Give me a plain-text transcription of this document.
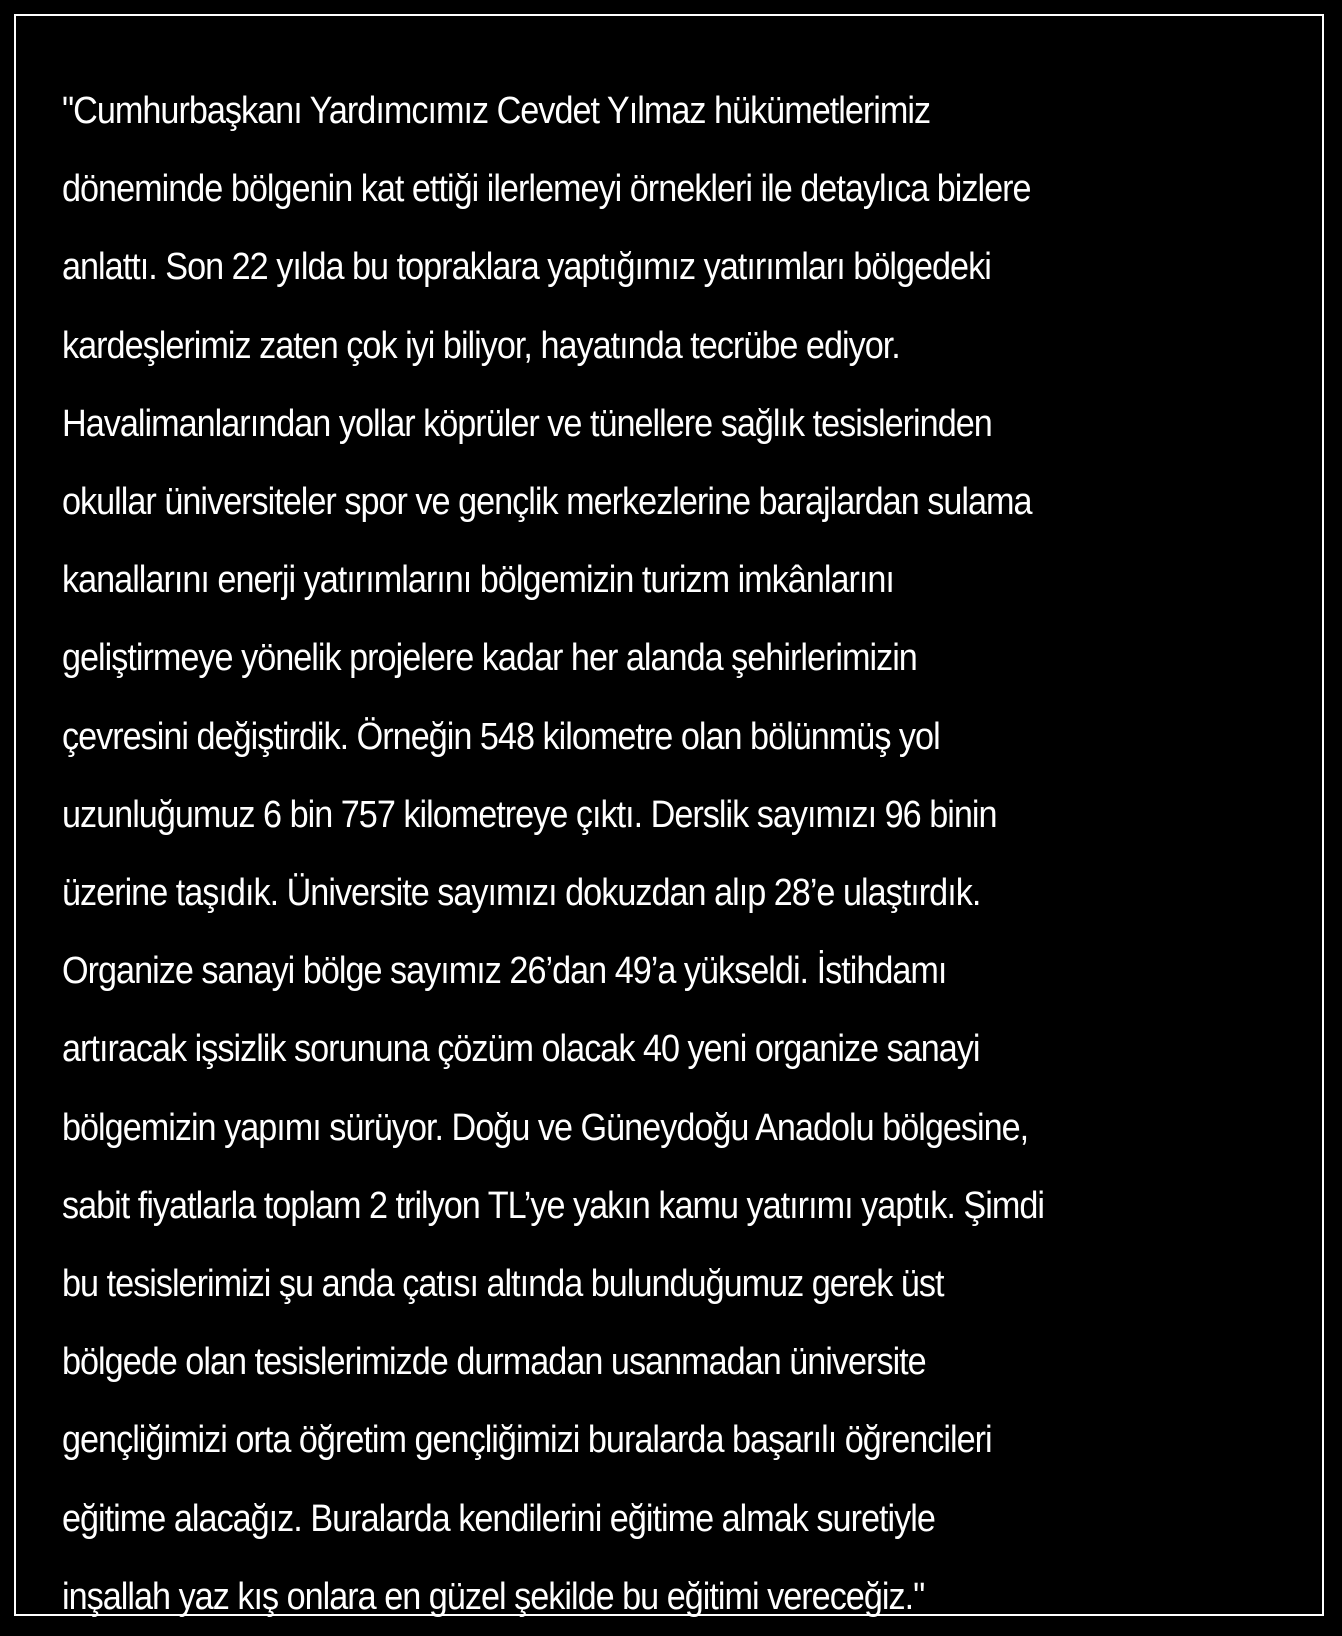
"Cumhurbaşkanı Yardımcımız Cevdet Yılmaz hükümetlerimiz
döneminde bölgenin kat ettiği ilerlemeyi örnekleri ile detaylıca bizlere
anlattı. Son 22 yılda bu topraklara yaptığımız yatırımları bölgedeki
kardeşlerimiz zaten çok iyi biliyor, hayatında tecrübe ediyor.
Havalimanlarından yollar köprüler ve tünellere sağlık tesislerinden
okullar üniversiteler spor ve gençlik merkezlerine barajlardan sulama
kanallarını enerji yatırımlarını bölgemizin turizm imkânlarını
geliştirmeye yönelik projelere kadar her alanda şehirlerimizin
çevresini değiştirdik. Örneğin 548 kilometre olan bölünmüş yol
uzunluğumuz 6 bin 757 kilometreye çıktı. Derslik sayımızı 96 binin
üzerine taşıdık. Üniversite sayımızı dokuzdan alıp 28’e ulaştırdık.
Organize sanayi bölge sayımız 26’dan 49’a yükseldi. İstihdamı
artıracak işsizlik sorununa çözüm olacak 40 yeni organize sanayi
bölgemizin yapımı sürüyor. Doğu ve Güneydoğu Anadolu bölgesine,
sabit fiyatlarla toplam 2 trilyon TL’ye yakın kamu yatırımı yaptık. Şimdi
bu tesislerimizi şu anda çatısı altında bulunduğumuz gerek üst
bölgede olan tesislerimizde durmadan usanmadan üniversite
gençliğimizi orta öğretim gençliğimizi buralarda başarılı öğrencileri
eğitime alacağız. Buralarda kendilerini eğitime almak suretiyle
inşallah yaz kış onlara en güzel şekilde bu eğitimi vereceğiz."
